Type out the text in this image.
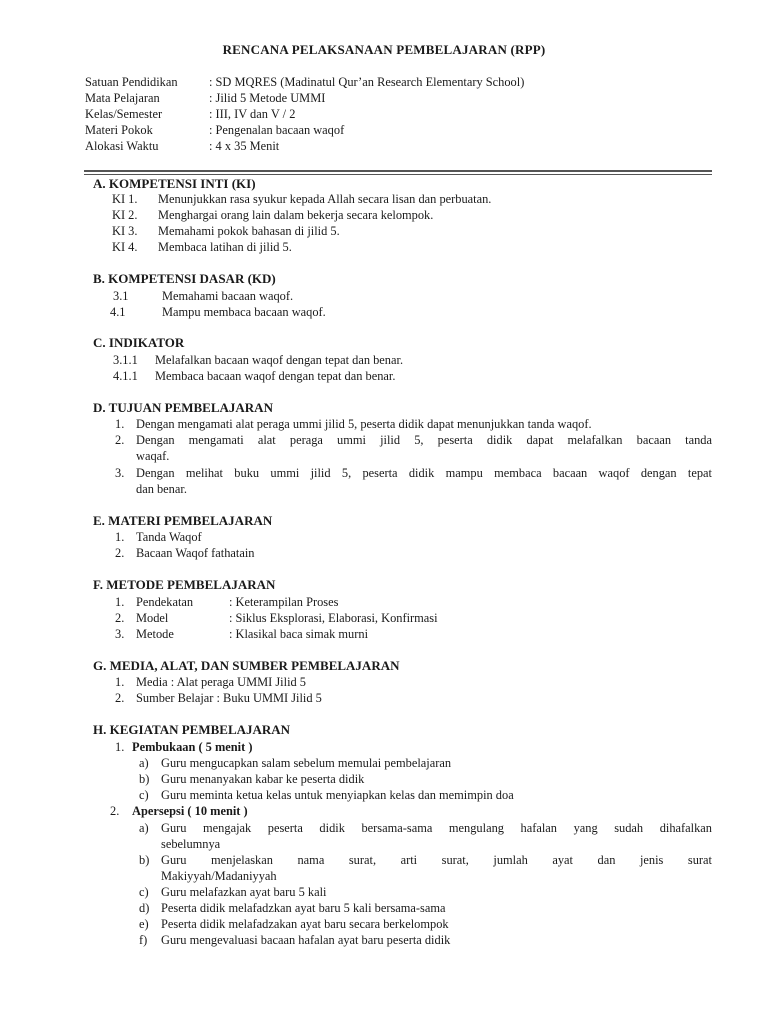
RENCANA PELAKSANAAN PEMBELAJARAN (RPP)
Satuan Pendidikan	: SD MQRES (Madinatul Qur’an Research Elementary School)
Mata Pelajaran	: Jilid 5 Metode UMMI
Kelas/Semester	: III, IV dan V / 2
Materi Pokok	: Pengenalan bacaan waqof
Alokasi Waktu	: 4 x 35 Menit
A. KOMPETENSI INTI (KI)
KI 1. Menunjukkan rasa syukur kepada Allah secara lisan dan perbuatan.
KI 2. Menghargai orang lain dalam bekerja secara kelompok.
KI 3. Memahami pokok bahasan di jilid 5.
KI 4. Membaca latihan di jilid 5.
B. KOMPETENSI DASAR (KD)
3.1	Memahami bacaan waqof.
4.1	Mampu membaca bacaan waqof.
C. INDIKATOR
3.1.1 Melafalkan bacaan waqof dengan tepat dan benar.
4.1.1 Membaca bacaan waqof dengan tepat dan benar.
D. TUJUAN PEMBELAJARAN
1. Dengan mengamati alat peraga ummi jilid 5, peserta didik dapat menunjukkan tanda waqof.
2. Dengan mengamati alat peraga ummi jilid 5, peserta didik dapat melafalkan bacaan tanda
waqaf.
3. Dengan melihat buku ummi jilid 5, peserta didik mampu membaca bacaan waqof dengan tepat
dan benar.
E. MATERI PEMBELAJARAN
1. Tanda Waqof
2. Bacaan Waqof fathatain
F. METODE PEMBELAJARAN
1. Pendekatan	: Keterampilan Proses
2. Model	: Siklus Eksplorasi, Elaborasi, Konfirmasi
3. Metode	: Klasikal baca simak murni
G. MEDIA, ALAT, DAN SUMBER PEMBELAJARAN
1. Media : Alat peraga UMMI Jilid 5
2. Sumber Belajar : Buku UMMI Jilid 5
H. KEGIATAN PEMBELAJARAN
1. Pembukaan ( 5 menit )
a) Guru mengucapkan salam sebelum memulai pembelajaran
b) Guru menanyakan kabar ke peserta didik
c) Guru meminta ketua kelas untuk menyiapkan kelas dan memimpin doa
2. Apersepsi ( 10 menit )
a) Guru mengajak peserta didik bersama-sama mengulang hafalan yang sudah dihafalkan
sebelumnya
b) Guru menjelaskan nama surat, arti surat, jumlah ayat dan jenis surat
Makiyyah/Madaniyyah
c) Guru melafazkan ayat baru 5 kali
d) Peserta didik melafadzkan ayat baru 5 kali bersama-sama
e) Peserta didik melafadzakan ayat baru secara berkelompok
f) Guru mengevaluasi bacaan hafalan ayat baru peserta didik
